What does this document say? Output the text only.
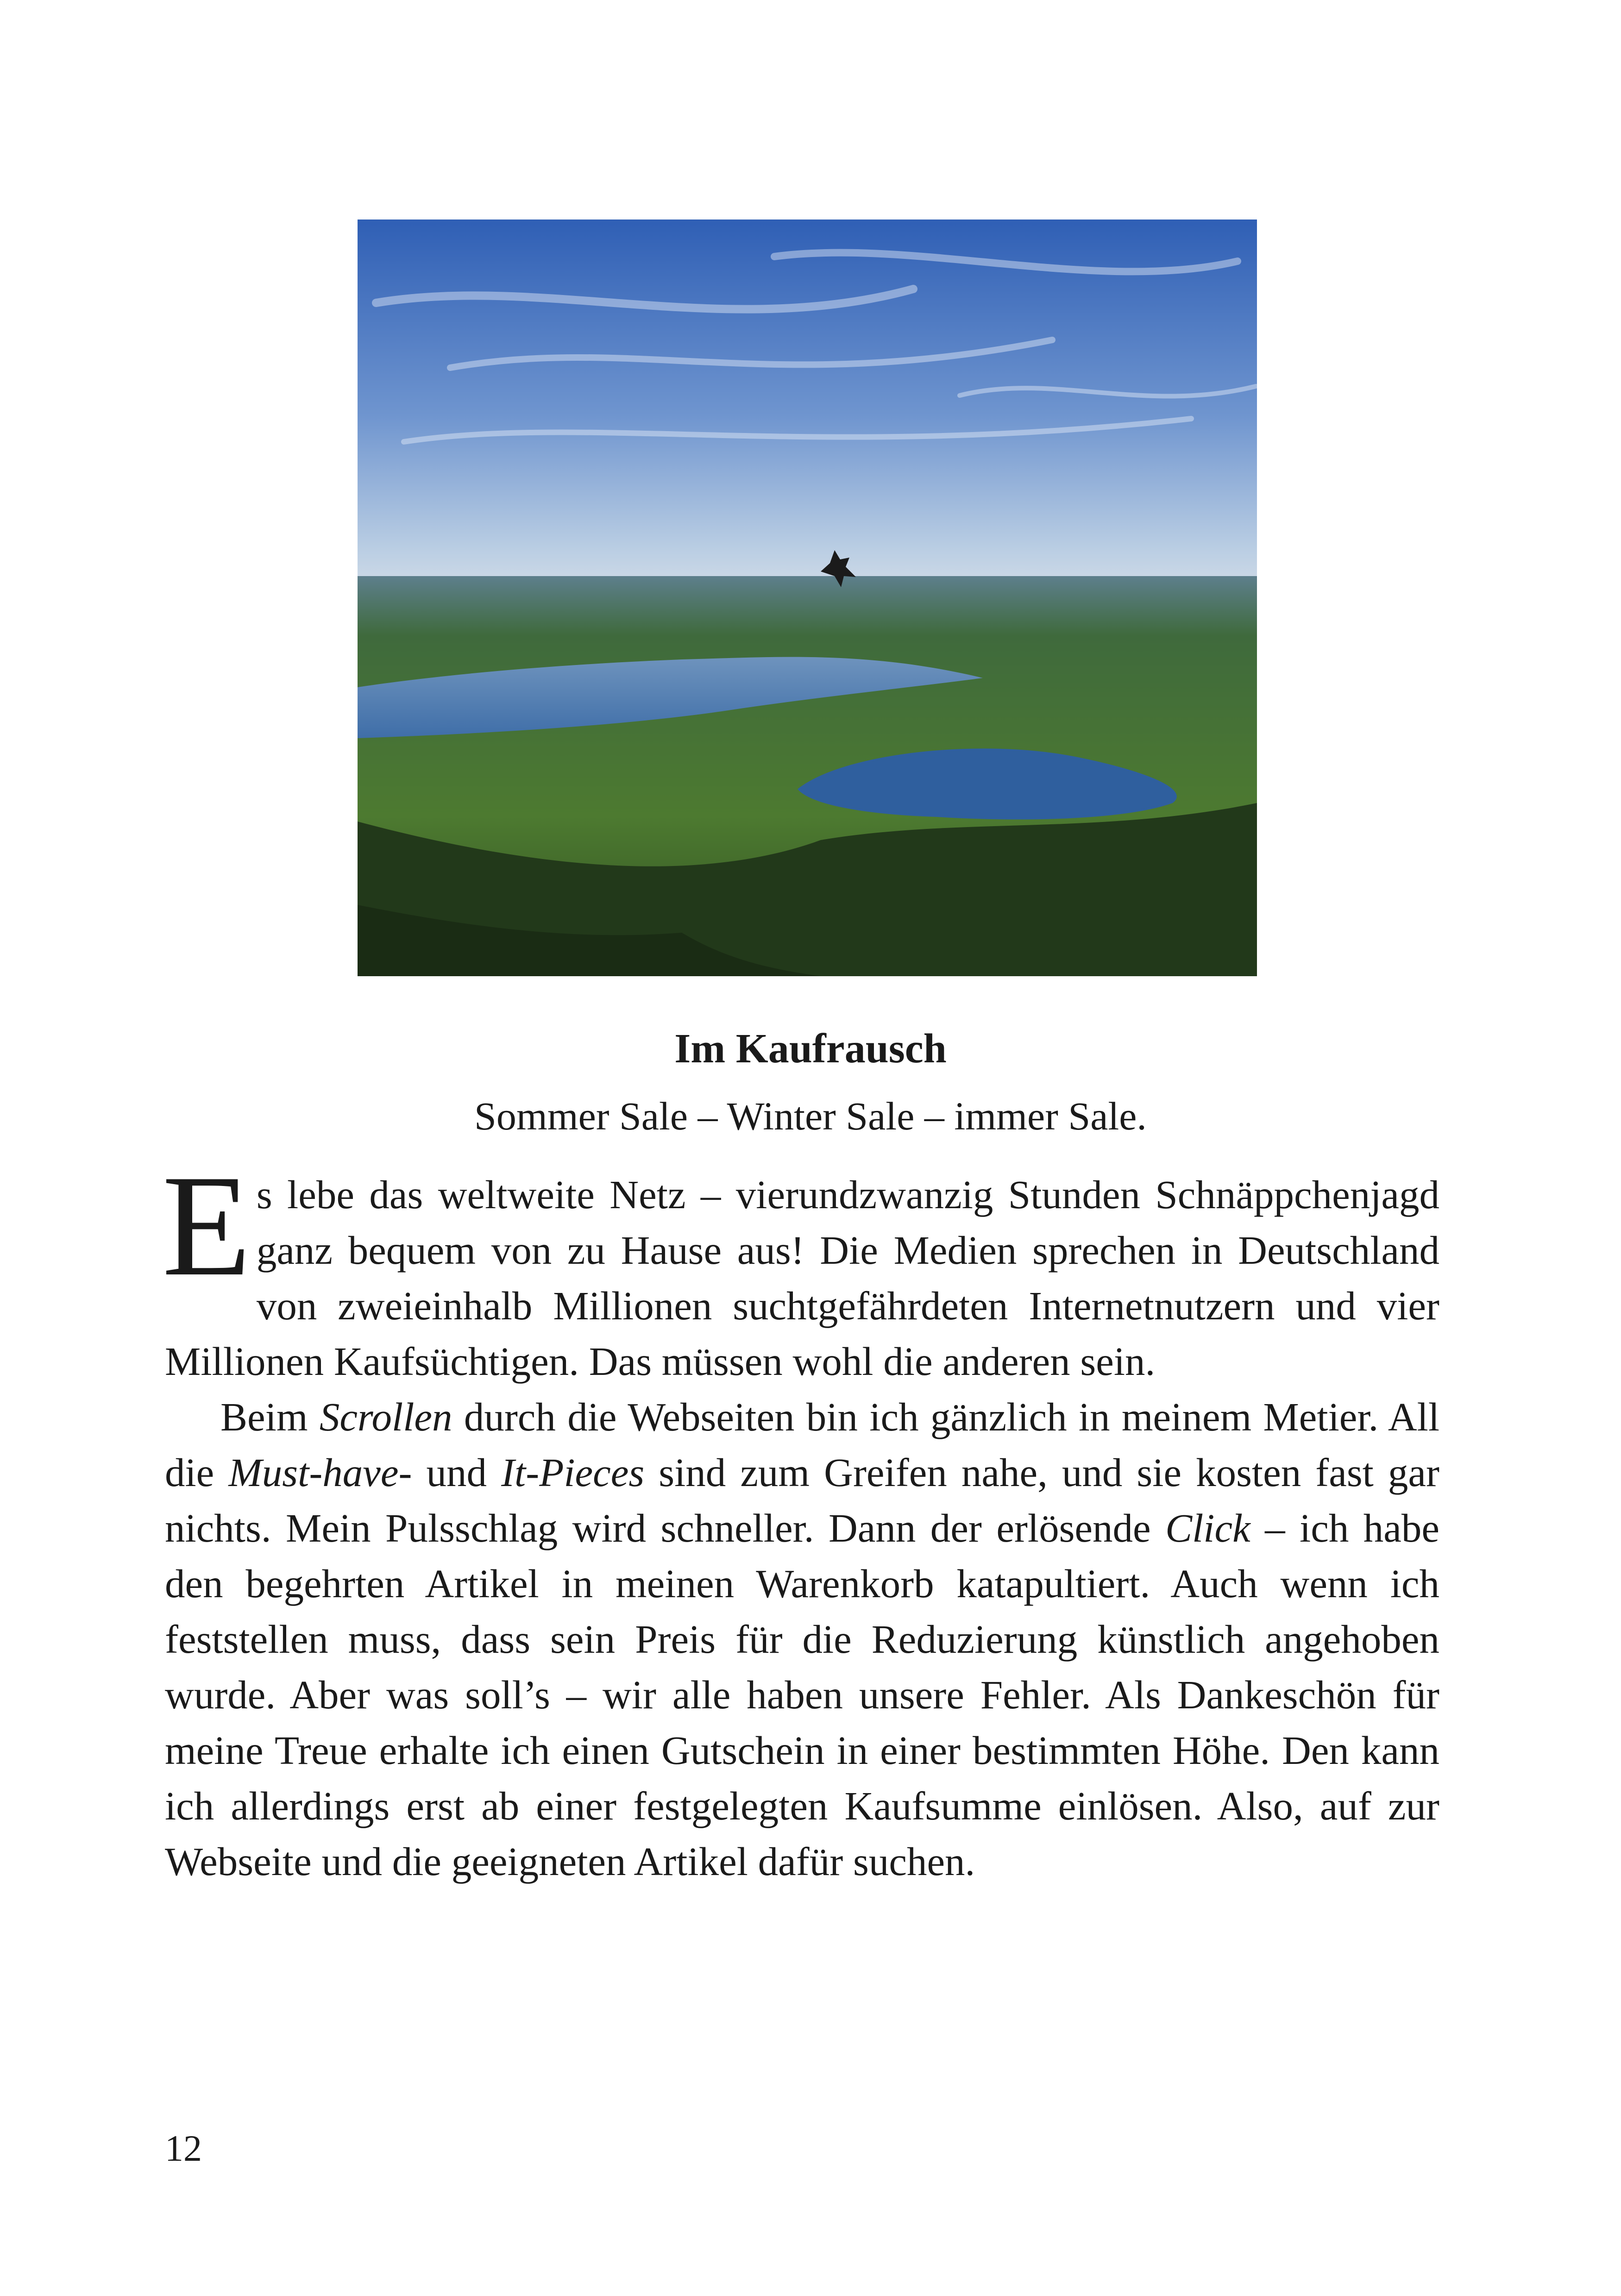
Im Kaufrausch
Sommer Sale – Winter Sale – immer Sale.

Es lebe das weltweite Netz – vierundzwanzig Stunden Schnäppchenjagd ganz bequem von zu Hause aus! Die Medien sprechen in Deutschland von zweieinhalb Millionen suchtgefährdeten Internetnutzern und vier Millionen Kaufsüchtigen. Das müssen wohl die anderen sein.

Beim Scrollen durch die Webseiten bin ich gänzlich in meinem Metier. All die Must-have- und It-Pieces sind zum Greifen nahe, und sie kosten fast gar nichts. Mein Pulsschlag wird schneller. Dann der erlösende Click – ich habe den begehrten Artikel in meinen Warenkorb katapultiert. Auch wenn ich feststellen muss, dass sein Preis für die Reduzierung künstlich angehoben wurde. Aber was soll’s – wir alle haben unsere Fehler. Als Dankeschön für meine Treue erhalte ich einen Gutschein in einer bestimmten Höhe. Den kann ich allerdings erst ab einer festgelegten Kaufsumme einlösen. Also, auf zur Webseite und die geeigneten Artikel dafür suchen.

12
